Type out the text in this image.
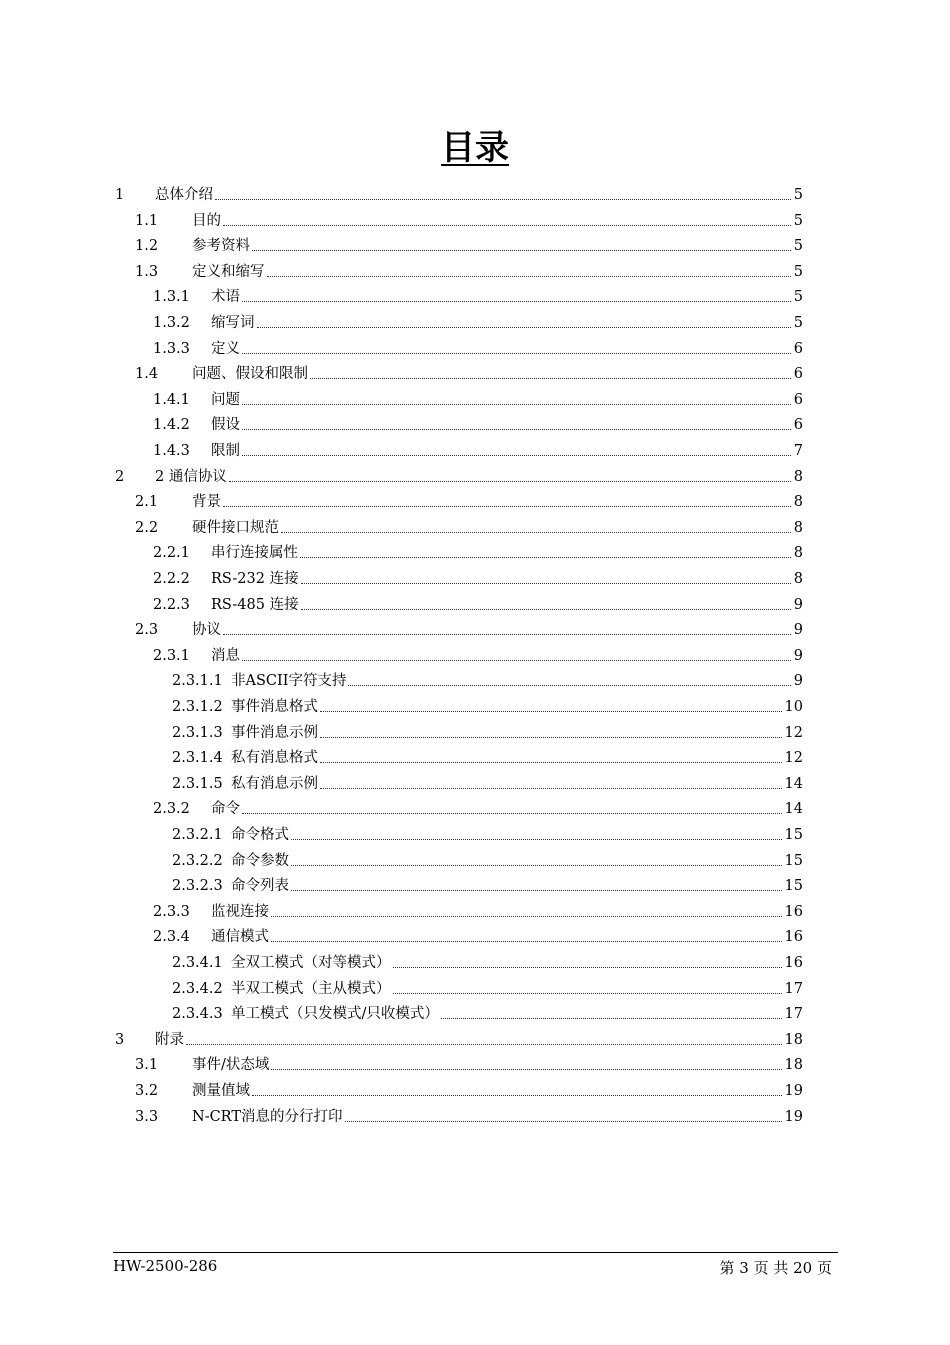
目录
1	总体介绍	5
1.1	目的	5
1.2	参考资料	5
1.3	定义和缩写	5
1.3.1	术语	5
1.3.2	缩写词	5
1.3.3	定义	6
1.4	问题、假设和限制	6
1.4.1	问题	6
1.4.2	假设	6
1.4.3	限制	7
2	2 通信协议	8
2.1	背景	8
2.2	硬件接口规范	8
2.2.1	串行连接属性	8
2.2.2	RS-232 连接	8
2.2.3	RS-485 连接	9
2.3	协议	9
2.3.1	消息	9
2.3.1.1 非ASCII字符支持	9
2.3.1.2 事件消息格式	10
2.3.1.3 事件消息示例	12
2.3.1.4 私有消息格式	12
2.3.1.5 私有消息示例	14
2.3.2	命令	14
2.3.2.1 命令格式	15
2.3.2.2 命令参数	15
2.3.2.3 命令列表	15
2.3.3	监视连接	16
2.3.4	通信模式	16
2.3.4.1 全双工模式（对等模式）	16
2.3.4.2 半双工模式（主从模式）	17
2.3.4.3 单工模式（只发模式/只收模式）	17
3	附录	18
3.1	事件/状态域	18
3.2	测量值域	19
3.3	N-CRT消息的分行打印	19
HW-2500-286	第 3 页 共 20 页
